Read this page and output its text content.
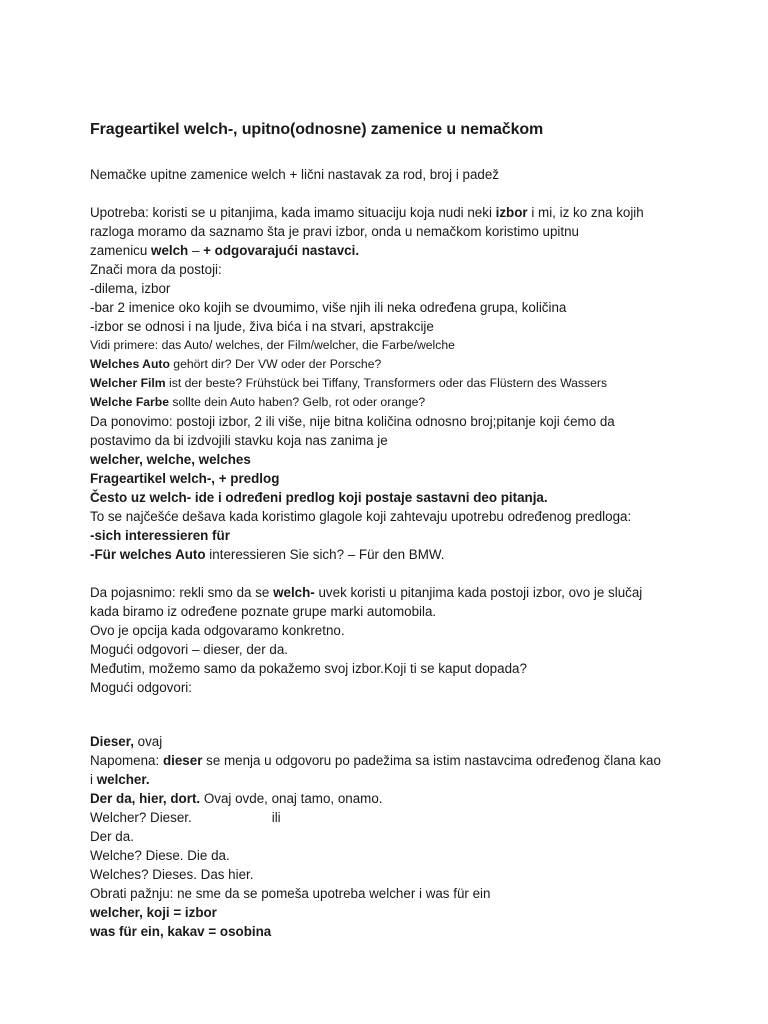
Frageartikel welch-, upitno(odnosne) zamenice u nemačkom
Nemačke upitne zamenice welch + lični nastavak za rod, broj i padež
Upotreba: koristi se u pitanjima, kada imamo situaciju koja nudi neki izbor i mi, iz ko zna kojih
razloga moramo da saznamo šta je pravi izbor, onda u nemačkom koristimo upitnu
zamenicu welch – + odgovarajući nastavci.
Znači mora da postoji:
-dilema, izbor
-bar 2 imenice oko kojih se dvoumimo, više njih ili neka određena grupa, količina
-izbor se odnosi i na ljude, živa bića i na stvari, apstrakcije
Vidi primere: das Auto/ welches, der Film/welcher, die Farbe/welche
Welches Auto gehört dir? Der VW oder der Porsche?
Welcher Film ist der beste? Frühstück bei Tiffany, Transformers oder das Flüstern des Wassers
Welche Farbe sollte dein Auto haben? Gelb, rot oder orange?
Da ponovimo: postoji izbor, 2 ili više, nije bitna količina odnosno broj;pitanje koji ćemo da
postavimo da bi izdvojili stavku koja nas zanima je
welcher, welche, welches
Frageartikel welch-, + predlog
Često uz welch- ide i određeni predlog koji postaje sastavni deo pitanja.
To se najčešće dešava kada koristimo glagole koji zahtevaju upotrebu određenog predloga:
-sich interessieren für
-Für welches Auto interessieren Sie sich? – Für den BMW.
Da pojasnimo: rekli smo da se welch- uvek koristi u pitanjima kada postoji izbor, ovo je slučaj
kada biramo iz određene poznate grupe marki automobila.
Ovo je opcija kada odgovaramo konkretno.
Mogući odgovori – dieser, der da.
Međutim, možemo samo da pokažemo svoj izbor.Koji ti se kaput dopada?
Mogući odgovori:
Dieser, ovaj
Napomena: dieser se menja u odgovoru po padežima sa istim nastavcima određenog člana kao
i welcher.
Der da, hier, dort. Ovaj ovde, onaj tamo, onamo.
Welcher? Dieser.	ili
Der da.
Welche? Diese. Die da.
Welches? Dieses. Das hier.
Obrati pažnju: ne sme da se pomeša upotreba welcher i was für ein
welcher, koji = izbor
was für ein, kakav = osobina
